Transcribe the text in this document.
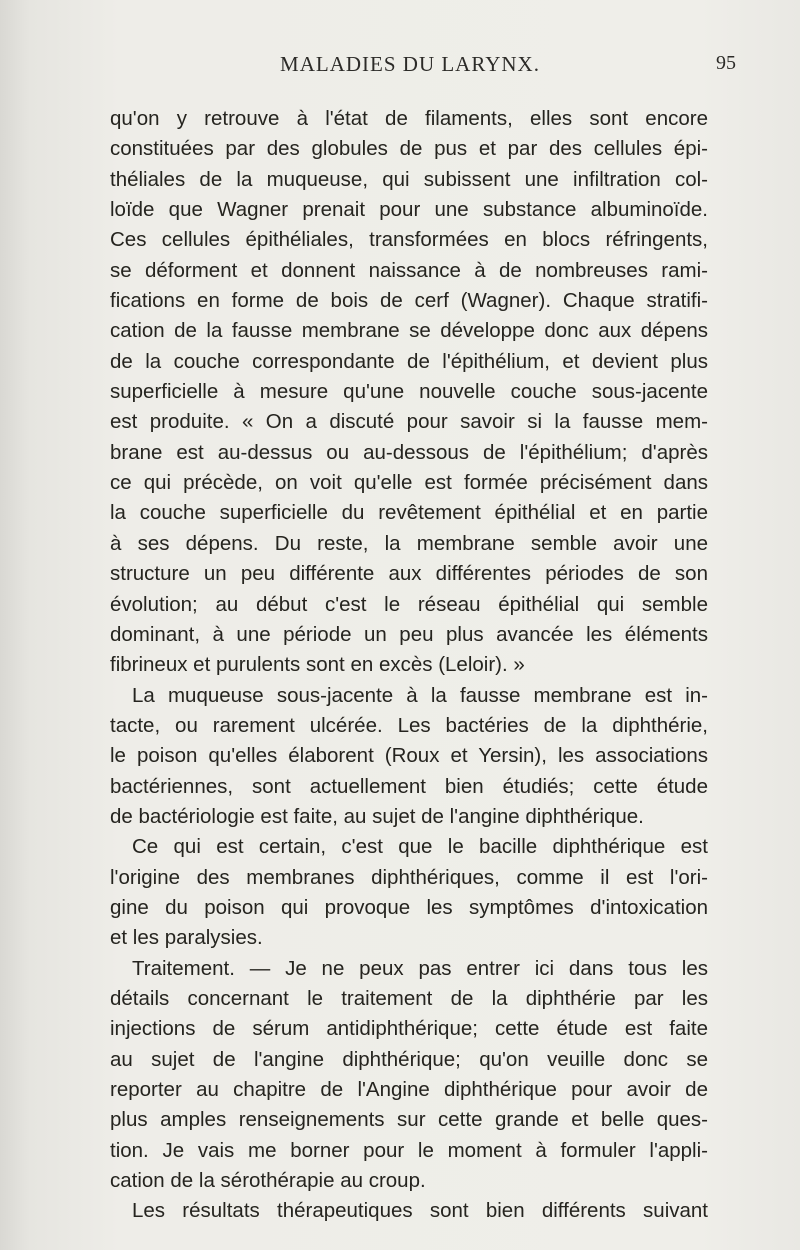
MALADIES DU LARYNX.	95
qu'on y retrouve à l'état de filaments, elles sont encore
constituées par des globules de pus et par des cellules épi-
théliales de la muqueuse, qui subissent une infiltration col-
loïde que Wagner prenait pour une substance albuminoïde.
Ces cellules épithéliales, transformées en blocs réfringents,
se déforment et donnent naissance à de nombreuses rami-
fications en forme de bois de cerf (Wagner). Chaque stratifi-
cation de la fausse membrane se développe donc aux dépens
de la couche correspondante de l'épithélium, et devient plus
superficielle à mesure qu'une nouvelle couche sous-jacente
est produite. « On a discuté pour savoir si la fausse mem-
brane est au-dessus ou au-dessous de l'épithélium; d'après
ce qui précède, on voit qu'elle est formée précisément dans
la couche superficielle du revêtement épithélial et en partie
à ses dépens. Du reste, la membrane semble avoir une
structure un peu différente aux différentes périodes de son
évolution; au début c'est le réseau épithélial qui semble
dominant, à une période un peu plus avancée les éléments
fibrineux et purulents sont en excès (Leloir). »
La muqueuse sous-jacente à la fausse membrane est in-
tacte, ou rarement ulcérée. Les bactéries de la diphthérie,
le poison qu'elles élaborent (Roux et Yersin), les associations
bactériennes, sont actuellement bien étudiés; cette étude
de bactériologie est faite, au sujet de l'angine diphthérique.
Ce qui est certain, c'est que le bacille diphthérique est
l'origine des membranes diphthériques, comme il est l'ori-
gine du poison qui provoque les symptômes d'intoxication
et les paralysies.
Traitement. — Je ne peux pas entrer ici dans tous les
détails concernant le traitement de la diphthérie par les
injections de sérum antidiphthérique; cette étude est faite
au sujet de l'angine diphthérique; qu'on veuille donc se
reporter au chapitre de l'Angine diphthérique pour avoir de
plus amples renseignements sur cette grande et belle ques-
tion. Je vais me borner pour le moment à formuler l'appli-
cation de la sérothérapie au croup.
Les résultats thérapeutiques sont bien différents suivant
